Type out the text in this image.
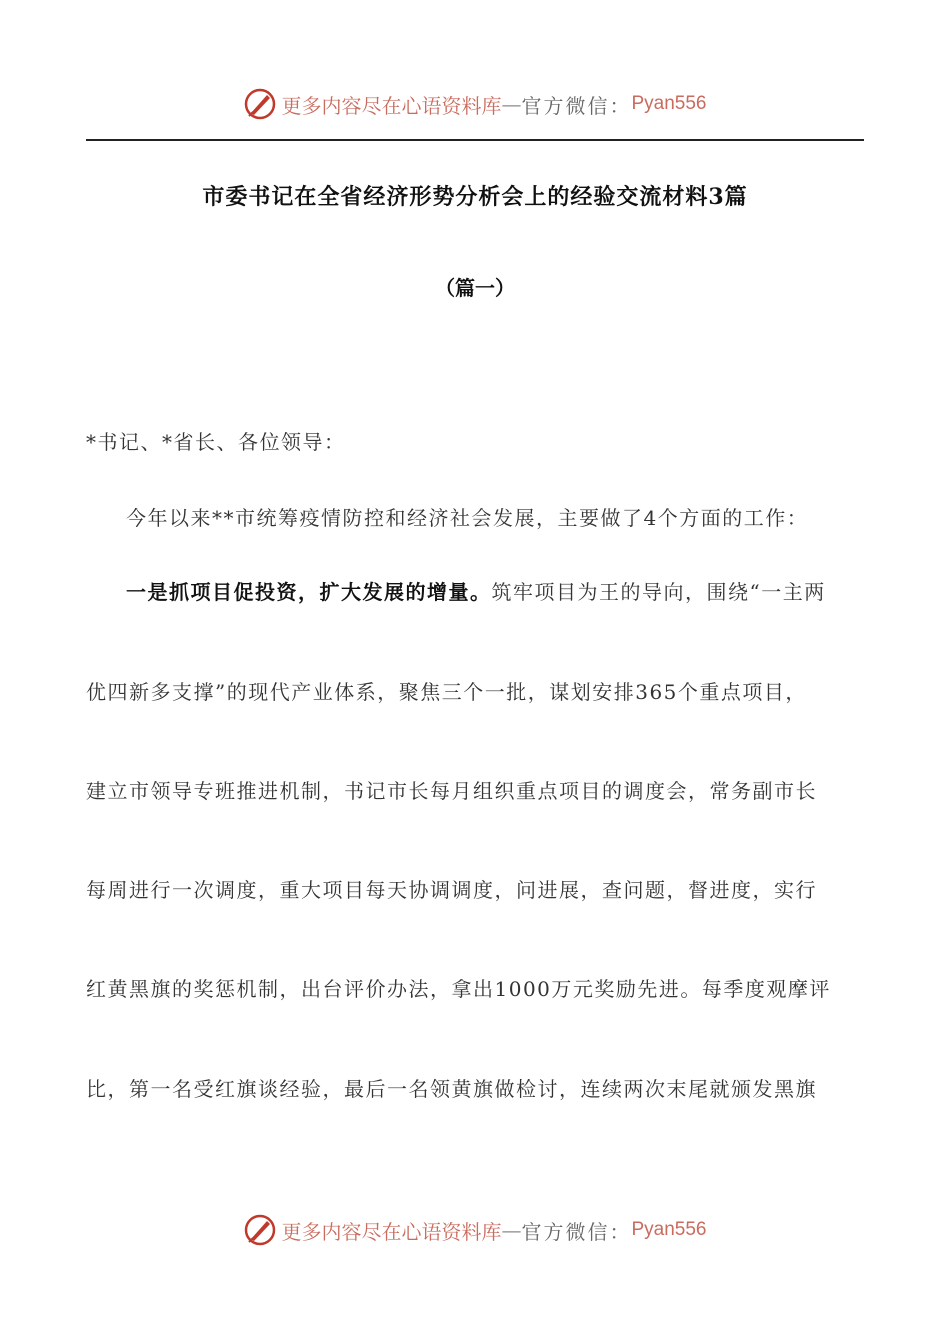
更多内容尽在心语资料库 — 官方微信： Pyan556
市委书记在全省经济形势分析会上的经验交流材料3篇
（篇一）
*书记、*省长、各位领导：
今年以来**市统筹疫情防控和经济社会发展，主要做了4个方面的工作：
一是抓项目促投资，扩大发展的增量。筑牢项目为王的导向，围绕“一主两
优四新多支撑”的现代产业体系，聚焦三个一批，谋划安排365个重点项目，
建立市领导专班推进机制，书记市长每月组织重点项目的调度会，常务副市长
每周进行一次调度，重大项目每天协调调度，问进展，查问题，督进度，实行
红黄黑旗的奖惩机制，出台评价办法，拿出1000万元奖励先进。每季度观摩评
比，第一名受红旗谈经验，最后一名领黄旗做检讨，连续两次末尾就颁发黑旗
更多内容尽在心语资料库 — 官方微信： Pyan556
